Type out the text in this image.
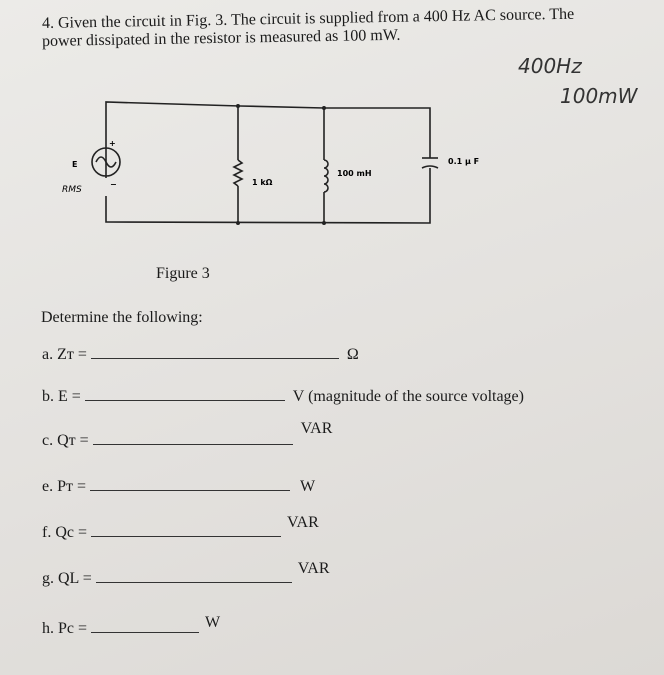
4. Given the circuit in Fig. 3. The circuit is supplied from a 400 Hz AC source. The
power dissipated in the resistor is measured as 100 mW.
400Hz
100mW
E
+
−
RMS
1 kΩ
100 mH
0.1 μ F
Figure 3
Determine the following:
a. Zт =	Ω
b. E =	V (magnitude of the source voltage)
c. Qт = VAR
e. Pт =	W
f. Qc = VAR
g. QL = VAR
h. Pc =	W
